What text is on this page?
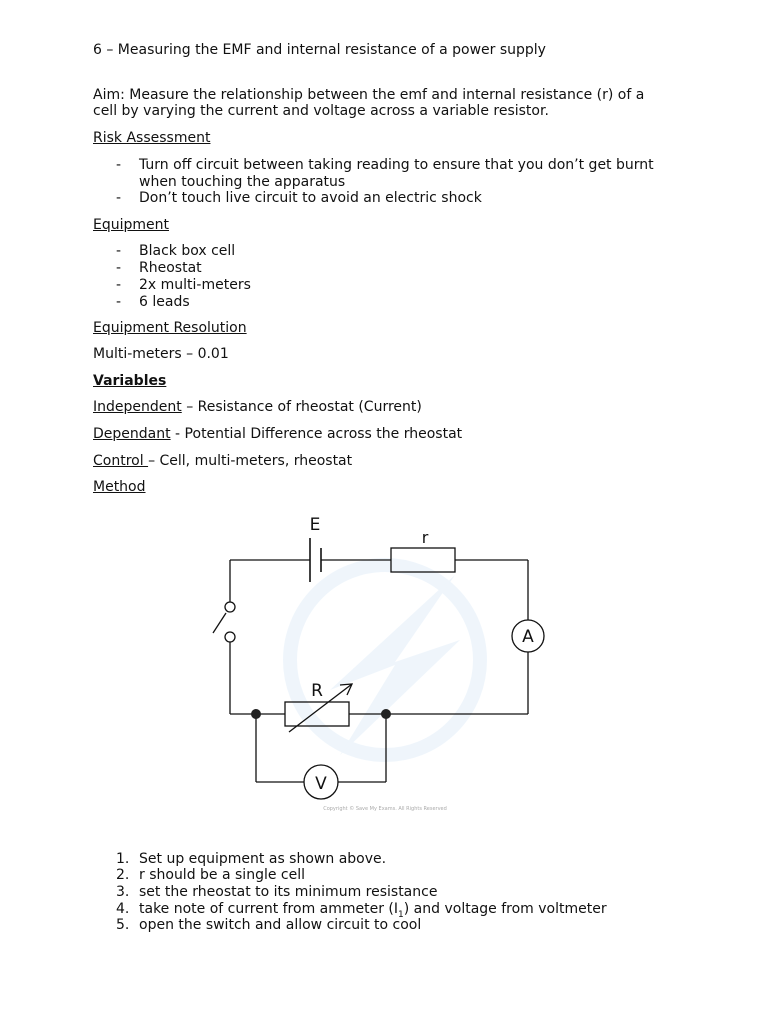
6 – Measuring the EMF and internal resistance of a power supply
Aim: Measure the relationship between the emf and internal resistance (r) of a
cell by varying the current and voltage across a variable resistor.
Risk Assessment
- Turn off circuit between taking reading to ensure that you don’t get burnt
when touching the apparatus
- Don’t touch live circuit to avoid an electric shock
Equipment
- Black box cell
- Rheostat
- 2x multi-meters
- 6 leads
Equipment Resolution
Multi-meters – 0.01
Variables
Independent – Resistance of rheostat (Current)
Dependant - Potential Difference across the rheostat
Control – Cell, multi-meters, rheostat
Method
1. Set up equipment as shown above.
2. r should be a single cell
3. set the rheostat to its minimum resistance
4. take note of current from ammeter $(I_1)$ and voltage from voltmeter
5. open the switch and allow circuit to cool
E
r
R
A
V
Copyright © Save My Exams. All Rights Reserved
